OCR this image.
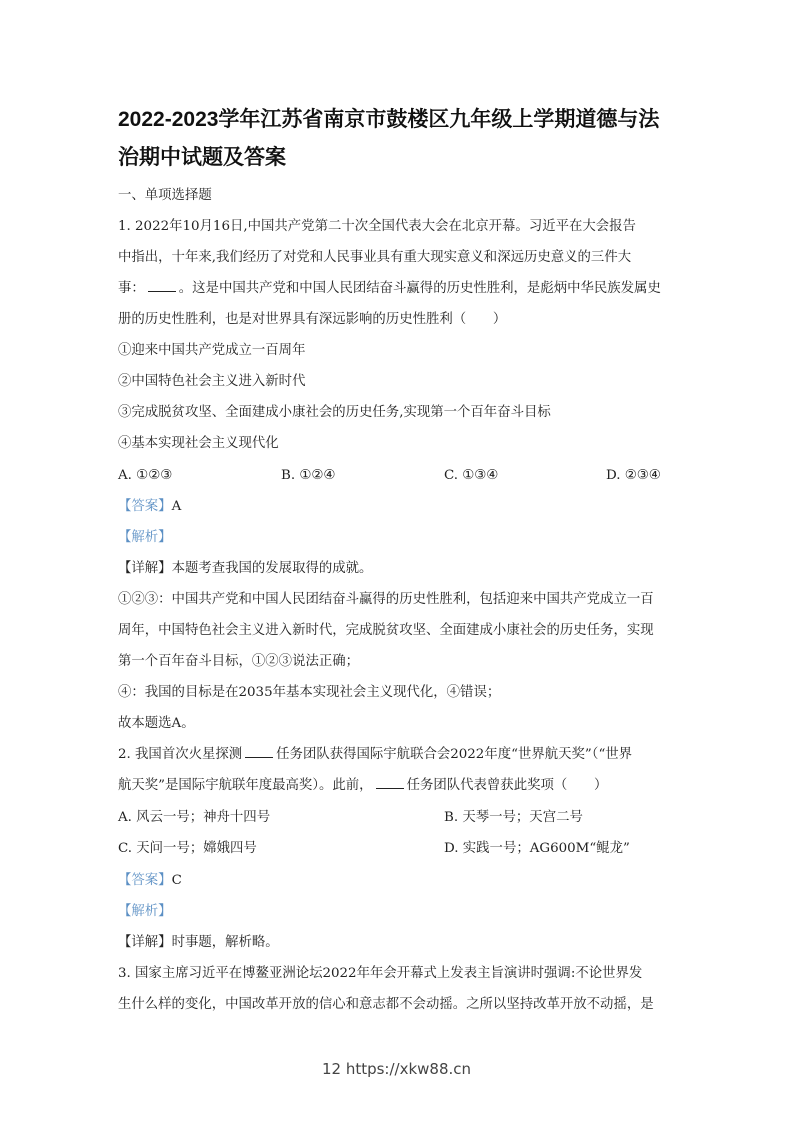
2022-2023学年江苏省南京市鼓楼区九年级上学期道德与法
治期中试题及答案
一、单项选择题
1. 2022年10月16日,中国共产党第二十次全国代表大会在北京开幕。习近平在大会报告
中指出，十年来,我们经历了对党和人民事业具有重大现实意义和深远历史意义的三件大
事：	。这是中国共产党和中国人民团结奋斗赢得的历史性胜利，是彪炳中华民族发属史
册的历史性胜利，也是对世界具有深远影响的历史性胜利（　　）
①迎来中国共产党成立一百周年
②中国特色社会主义进入新时代
③完成脱贫攻坚、全面建成小康社会的历史任务,实现第一个百年奋斗目标
④基本实现社会主义现代化
A. ①②③	B. ①②④	C. ①③④	D. ②③④
【答案】A
【解析】
【详解】本题考查我国的发展取得的成就。
①②③：中国共产党和中国人民团结奋斗赢得的历史性胜利，包括迎来中国共产党成立一百
周年，中国特色社会主义进入新时代，完成脱贫攻坚、全面建成小康社会的历史任务，实现
第一个百年奋斗目标，①②③说法正确；
④：我国的目标是在2035年基本实现社会主义现代化，④错误；
故本题选A。
2. 我国首次火星探测	任务团队获得国际宇航联合会2022年度“世界航天奖”（“世界
航天奖”是国际宇航联年度最高奖）。此前，	任务团队代表曾获此奖项（　　）
A. 风云一号；神舟十四号	B. 天琴一号；天宫二号
C. 天问一号；嫦娥四号	D. 实践一号；AG600M“鲲龙”
【答案】C
【解析】
【详解】时事题，解析略。
3. 国家主席习近平在博鳌亚洲论坛2022年年会开幕式上发表主旨演讲时强调:不论世界发
生什么样的变化，中国改革开放的信心和意志都不会动摇。之所以坚持改革开放不动摇，是
12 https://xkw88.cn
